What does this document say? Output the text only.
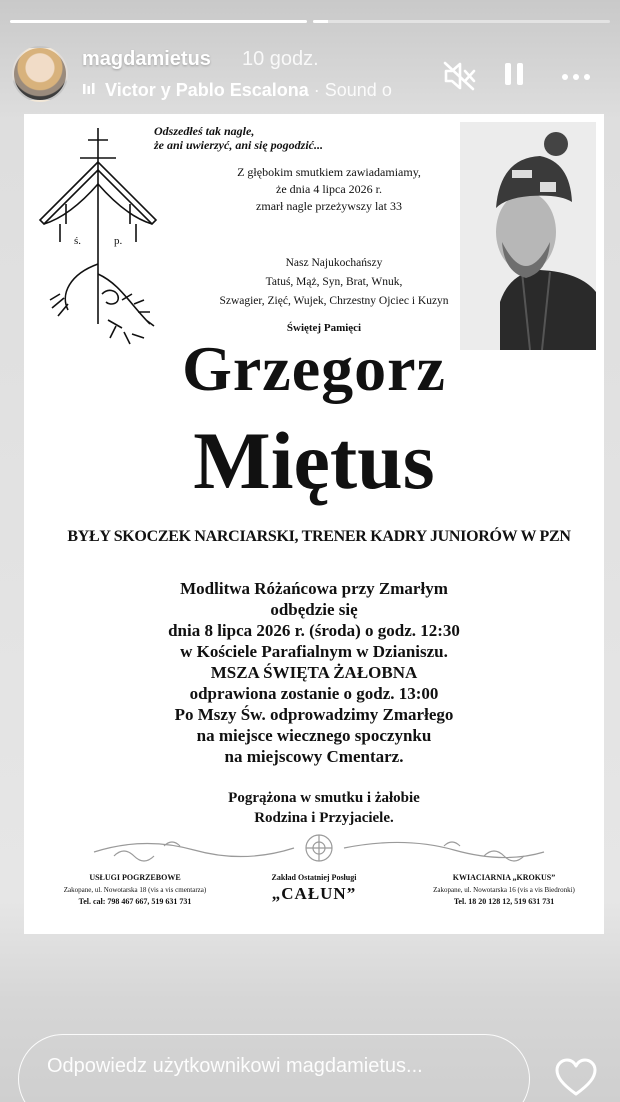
magdamietus 10 godz.
Victor y Pablo Escalona · Sound o
ś.	p.
Odszedłeś tak nagle,
że ani uwierzyć, ani się pogodzić...
Z głębokim smutkiem zawiadamiamy,
że dnia 4 lipca 2026 r.
zmarł nagle przeżywszy lat 33
Nasz Najukochańszy
Tatuś, Mąż, Syn, Brat, Wnuk,
Szwagier, Zięć, Wujek, Chrzestny Ojciec i Kuzyn
Świętej Pamięci
Grzegorz
Miętus
BYŁY SKOCZEK NARCIARSKI, TRENER KADRY JUNIORÓW W PZN
Modlitwa Różańcowa przy Zmarłym
odbędzie się
dnia 8 lipca 2026 r. (środa) o godz. 12:30
w Kościele Parafialnym w Dzianiszu.
MSZA ŚWIĘTA ŻAŁOBNA
odprawiona zostanie o godz. 13:00
Po Mszy Św. odprowadzimy Zmarłego
na miejsce wiecznego spoczynku
na miejscowy Cmentarz.
Pogrążona w smutku i żałobie
Rodzina i Przyjaciele.
USŁUGI POGRZEBOWE
Zakopane, ul. Nowotarska 18 (vis a vis cmentarza)
Tel. cał: 798 467 667, 519 631 731
Zakład Ostatniej Posługi
„CAŁUN”
KWIACIARNIA „KROKUS”
Zakopane, ul. Nowotarska 16 (vis a vis Biedronki)
Tel. 18 20 128 12, 519 631 731
Odpowiedz użytkownikowi magdamietus...
